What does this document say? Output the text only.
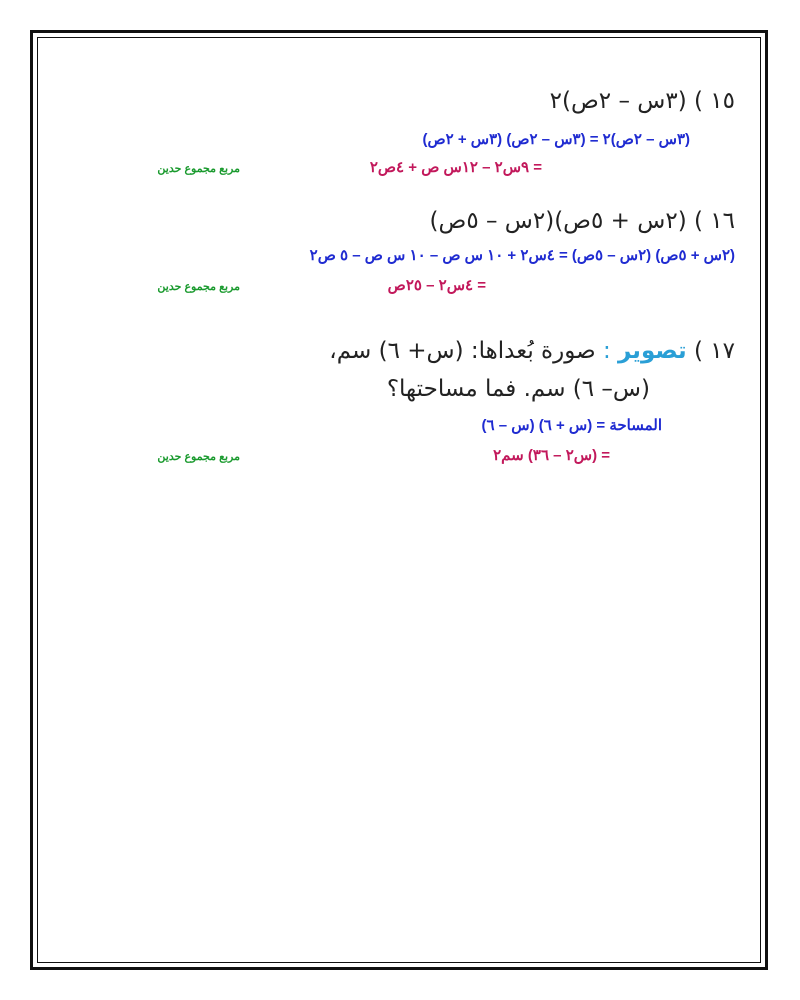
١٥ ) (٣س – ٢ص)٢
(٣س – ٢ص)٢ = (٣س – ٢ص) (٣س + ٢ص)
= ٩س٢ – ١٢س ص + ٤ص٢
مربع مجموع حدين
١٦ ) (٢س + ٥ص)(٢س – ٥ص)
(٢س + ٥ص) (٢س – ٥ص) = ٤س٢ + ١٠ س ص – ١٠ س ص – ٥ ص٢
= ٤س٢ – ٢٥ص
مربع مجموع حدين
١٧ ) تصوير : صورة بُعداها: (س+ ٦) سم،
(س– ٦) سم. فما مساحتها؟
المساحة = (س + ٦) (س – ٦)
= (س٢ – ٣٦) سم٢
مربع مجموع حدين
